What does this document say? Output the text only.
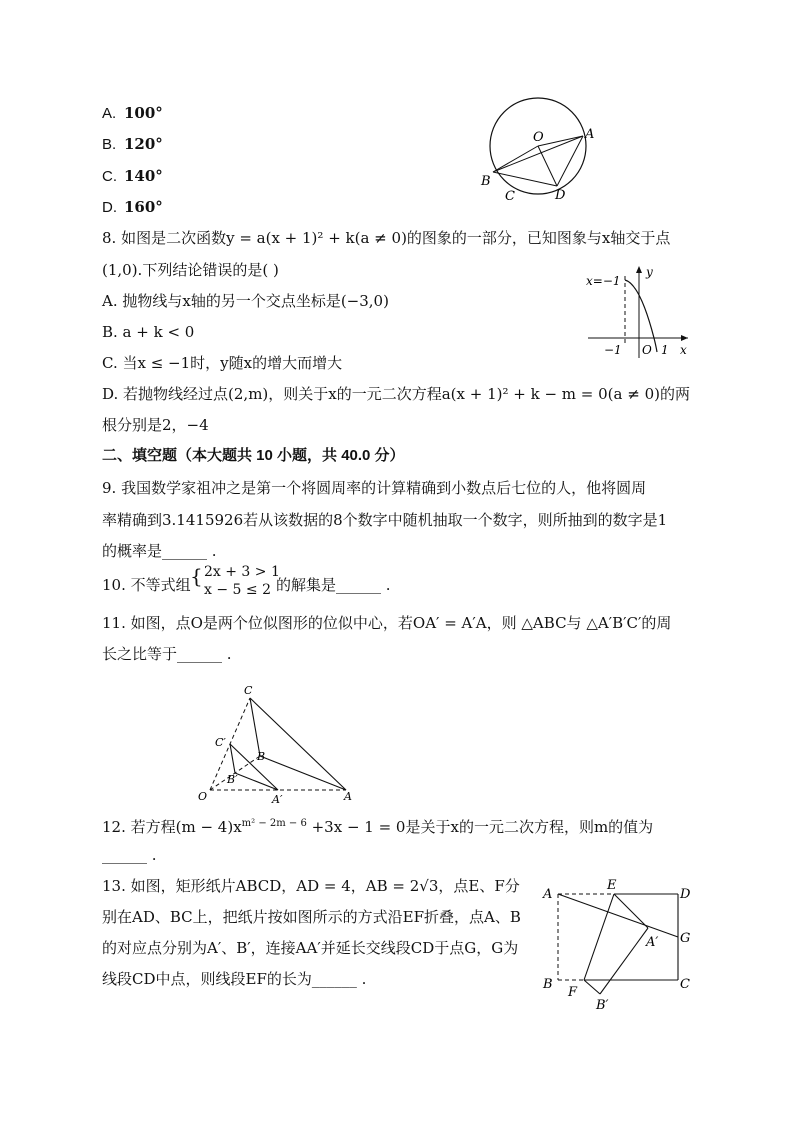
A. 100°
B. 120°
C. 140°
D. 160°
O	A
B
C	D
8. 如图是二次函数y = a(x + 1)² + k(a ≠ 0)的图象的一部分，已知图象与x轴交于点
(1,0).下列结论错误的是( )
A. 抛物线与x轴的另一个交点坐标是(−3,0)
B. a + k < 0
C. 当x ≤ −1时，y随x的增大而增大
D. 若抛物线经过点(2,m)，则关于x的一元二次方程a(x + 1)² + k − m = 0(a ≠ 0)的两
根分别是2，−4
x=−1
y
x
−1 O 1
二、填空题（本大题共 10 小题，共 40.0 分）
9. 我国数学家祖冲之是第一个将圆周率的计算精确到小数点后七位的人，他将圆周
率精确到3.1415926若从该数据的8个数字中随机抽取一个数字，则所抽到的数字是1
的概率是______ .
10. 不等式组 { 2x + 3 > 1
x − 5 ≤ 2 的解集是______ .
11. 如图，点O是两个位似图形的位似中心，若OA′ = A′A，则 △ABC与 △A′B′C′的周
长之比等于______ .
C
C′
B
B′
O	A′	A
12. 若方程$(m - 4)x^{m^2 - 2m - 6} +3x - 1 = 0$是关于x的一元二次方程，则m的值为
______ .
13. 如图，矩形纸片ABCD，AD = 4，AB = 2√3，点E、F分
别在AD、BC上，把纸片按如图所示的方式沿EF折叠，点A、B
的对应点分别为A′、B′，连接AA′并延长交线段CD于点G，G为
线段CD中点，则线段EF的长为______ .
A
E
D
A′ G
B
F
B′
C
